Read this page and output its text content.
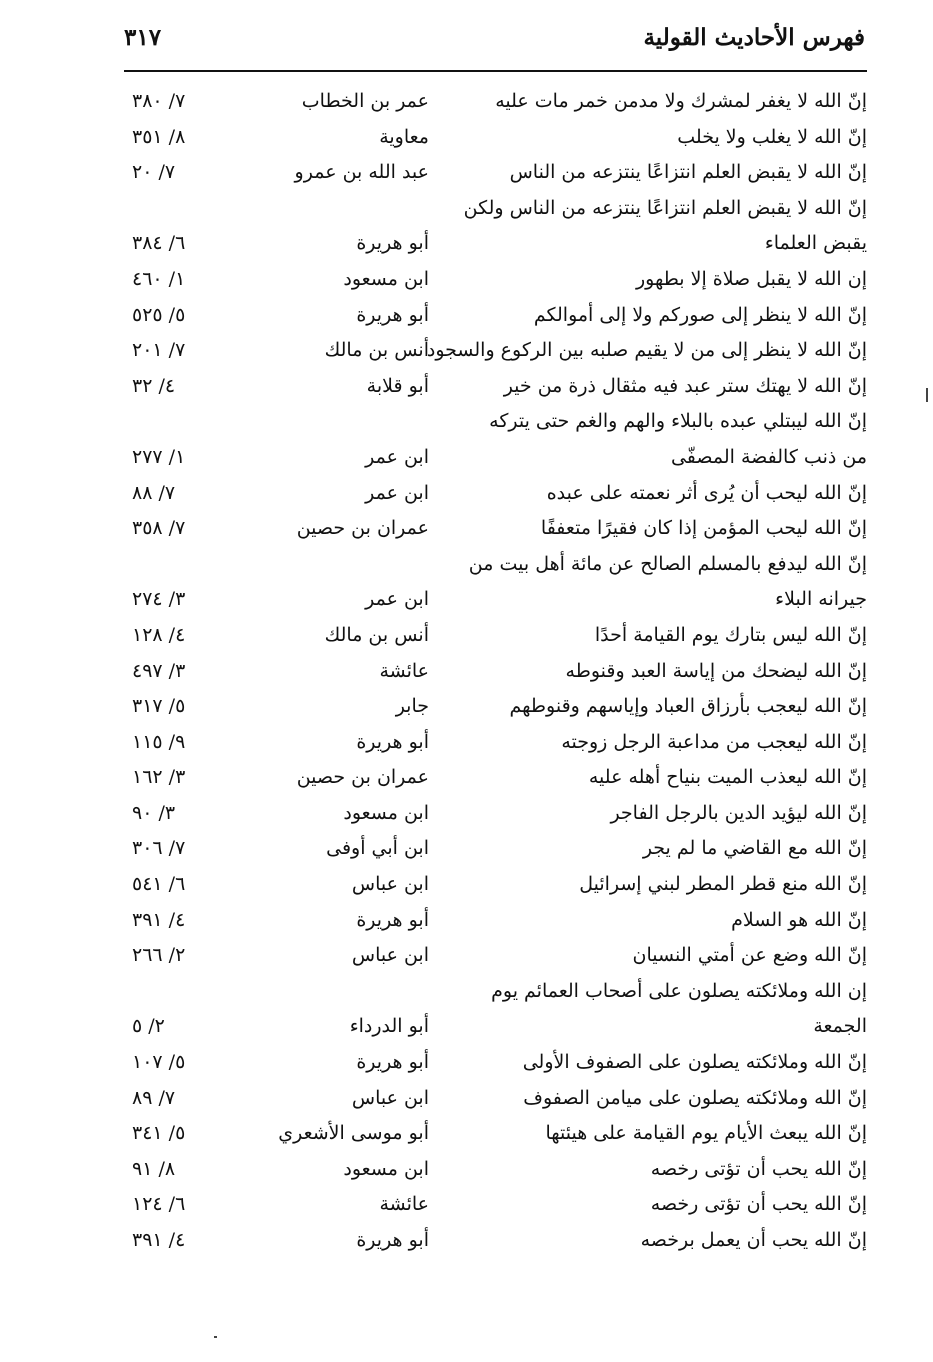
فهرس الأحاديث القولية
٣١٧
إنّ الله لا يغفر لمشرك ولا مدمن خمر مات عليه
عمر بن الخطاب
٧/ ٣٨٠
إنّ الله لا يغلب ولا يخلب
معاوية
٨/ ٣٥١
إنّ الله لا يقبض العلم انتزاعًا ينتزعه من الناس
عبد الله بن عمرو
٧/ ٢٠
إنّ الله لا يقبض العلم انتزاعًا ينتزعه من الناس ولكن
يقبض العلماء
أبو هريرة
٦/ ٣٨٤
إن الله لا يقبل صلاة إلا بطهور
ابن مسعود
١/ ٤٦٠
إنّ الله لا ينظر إلى صوركم ولا إلى أموالكم
أبو هريرة
٥/ ٥٢٥
إنّ الله لا ينظر إلى من لا يقيم صلبه بين الركوع والسجود
أنس بن مالك
٧/ ٢٠١
إنّ الله لا يهتك ستر عبد فيه مثقال ذرة من خير
أبو قلابة
٤/ ٣٢
إنّ الله ليبتلي عبده بالبلاء والهم والغم حتى يتركه
من ذنب كالفضة المصفّى
ابن عمر
١/ ٢٧٧
إنّ الله ليحب أن يُرى أثر نعمته على عبده
ابن عمر
٧/ ٨٨
إنّ الله ليحب المؤمن إذا كان فقيرًا متعففًا
عمران بن حصين
٧/ ٣٥٨
إنّ الله ليدفع بالمسلم الصالح عن مائة أهل بيت من
جيرانه البلاء
ابن عمر
٣/ ٢٧٤
إنّ الله ليس بتارك يوم القيامة أحدًا
أنس بن مالك
٤/ ١٢٨
إنّ الله ليضحك من إياسة العبد وقنوطه
عائشة
٣/ ٤٩٧
إنّ الله ليعجب بأرزاق العباد وإياسهم وقنوطهم
جابر
٥/ ٣١٧
إنّ الله ليعجب من مداعبة الرجل زوجته
أبو هريرة
٩/ ١١٥
إنّ الله ليعذب الميت بنياح أهله عليه
عمران بن حصين
٣/ ١٦٢
إنّ الله ليؤيد الدين بالرجل الفاجر
ابن مسعود
٣/ ٩٠
إنّ الله مع القاضي ما لم يجر
ابن أبي أوفى
٧/ ٣٠٦
إنّ الله منع قطر المطر لبني إسرائيل
ابن عباس
٦/ ٥٤١
إنّ الله هو السلام
أبو هريرة
٤/ ٣٩١
إنّ الله وضع عن أمتي النسيان
ابن عباس
٢/ ٢٦٦
إن الله وملائكته يصلون على أصحاب العمائم يوم
الجمعة
أبو الدرداء
٢/ ٥
إنّ الله وملائكته يصلون على الصفوف الأولى
أبو هريرة
٥/ ١٠٧
إنّ الله وملائكته يصلون على ميامن الصفوف
ابن عباس
٧/ ٨٩
إنّ الله يبعث الأيام يوم القيامة على هيئتها
أبو موسى الأشعري
٥/ ٣٤١
إنّ الله يحب أن تؤتى رخصه
ابن مسعود
٨/ ٩١
إنّ الله يحب أن تؤتى رخصه
عائشة
٦/ ١٢٤
إنّ الله يحب أن يعمل برخصه
أبو هريرة
٤/ ٣٩١
